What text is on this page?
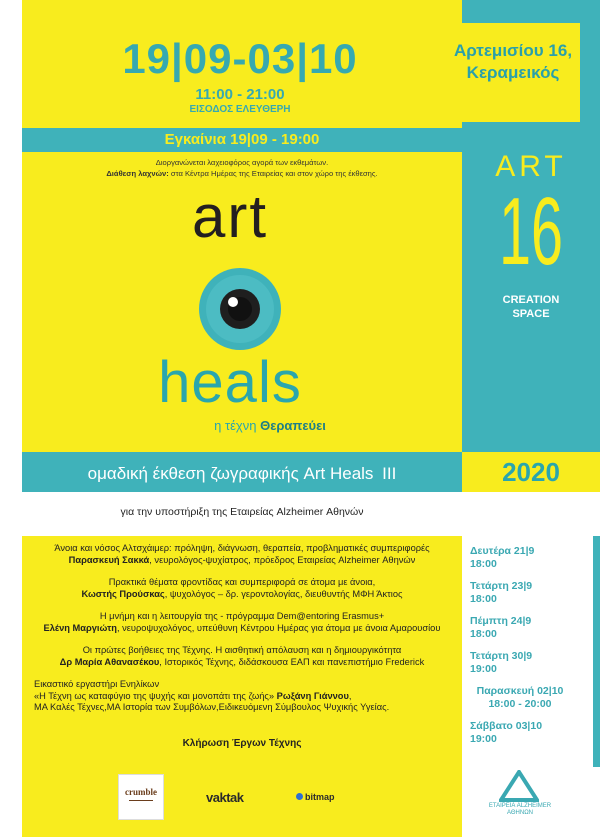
Αρτεμισίου 16, Κεραμεικός
19|09-03|10
11:00 - 21:00
ΕΙΣΟΔΟΣ ΕΛΕΥΘΕΡΗ
Εγκαίνια 19|09 - 19:00
Διοργανώνεται λαχειοφόρος αγορά των εκθεμάτων.
Διάθεση λαχνών: στα Κέντρα Ημέρας της Εταιρείας και στον χώρο της έκθεσης.
art
heals
η τέχνη Θεραπεύει
ART
16
CREATION
SPACE
ομαδική έκθεση ζωγραφικής Art Heals III	2020
για την υποστήριξη της Εταιρείας Alzheimer Αθηνών
Άνοια και νόσος Αλτσχάιμερ: πρόληψη, διάγνωση, θεραπεία, προβληματικές συμπεριφορές
Παρασκευή Σακκά, νευρολόγος-ψυχίατρος, πρόεδρος Εταιρείας Alzheimer Αθηνών
Πρακτικά θέματα φροντίδας και συμπεριφορά σε άτομα με άνοια,
Κωστής Προύσκας, ψυχολόγος – δρ. γεροντολογίας, διευθυντής ΜΦΗ Άκτιος
Η μνήμη και η λειτουργία της - πρόγραμμα Dem@entoring Erasmus+
Ελένη Μαργιώτη, νευροψυχολόγος, υπεύθυνη Κέντρου Ημέρας για άτομα με άνοια Αμαρουσίου
Οι πρώτες βοήθειες της Τέχνης. Η αισθητική απόλαυση και η δημιουργικότητα
Δρ Μαρία Αθανασέκου, Ιστορικός Τέχνης, διδάσκουσα ΕΑΠ και πανεπιστήμιο Frederick
Εικαστικό εργαστήρι Ενηλίκων
«Η Τέχνη ως καταφύγιο της ψυχής και μονοπάτι της ζωής» Ρωξάνη Γιάννου,
ΜΑ Καλές Τέχνες,ΜΑ Ιστορία των Συμβόλων,Ειδικευόμενη Σύμβουλος Ψυχικής Υγείας.
Κλήρωση Έργων Τέχνης
Δευτέρα 21|9
18:00
Τετάρτη 23|9
18:00
Πέμπτη 24|9
18:00
Τετάρτη 30|9
19:00
Παρασκευή 02|10
18:00 - 20:00
Σάββατο 03|10
19:00
crumble	vaktak	bitmap
ΕΤΑΙΡΕΙΑ ALZHEIMER
ΑΘΗΝΩΝ
